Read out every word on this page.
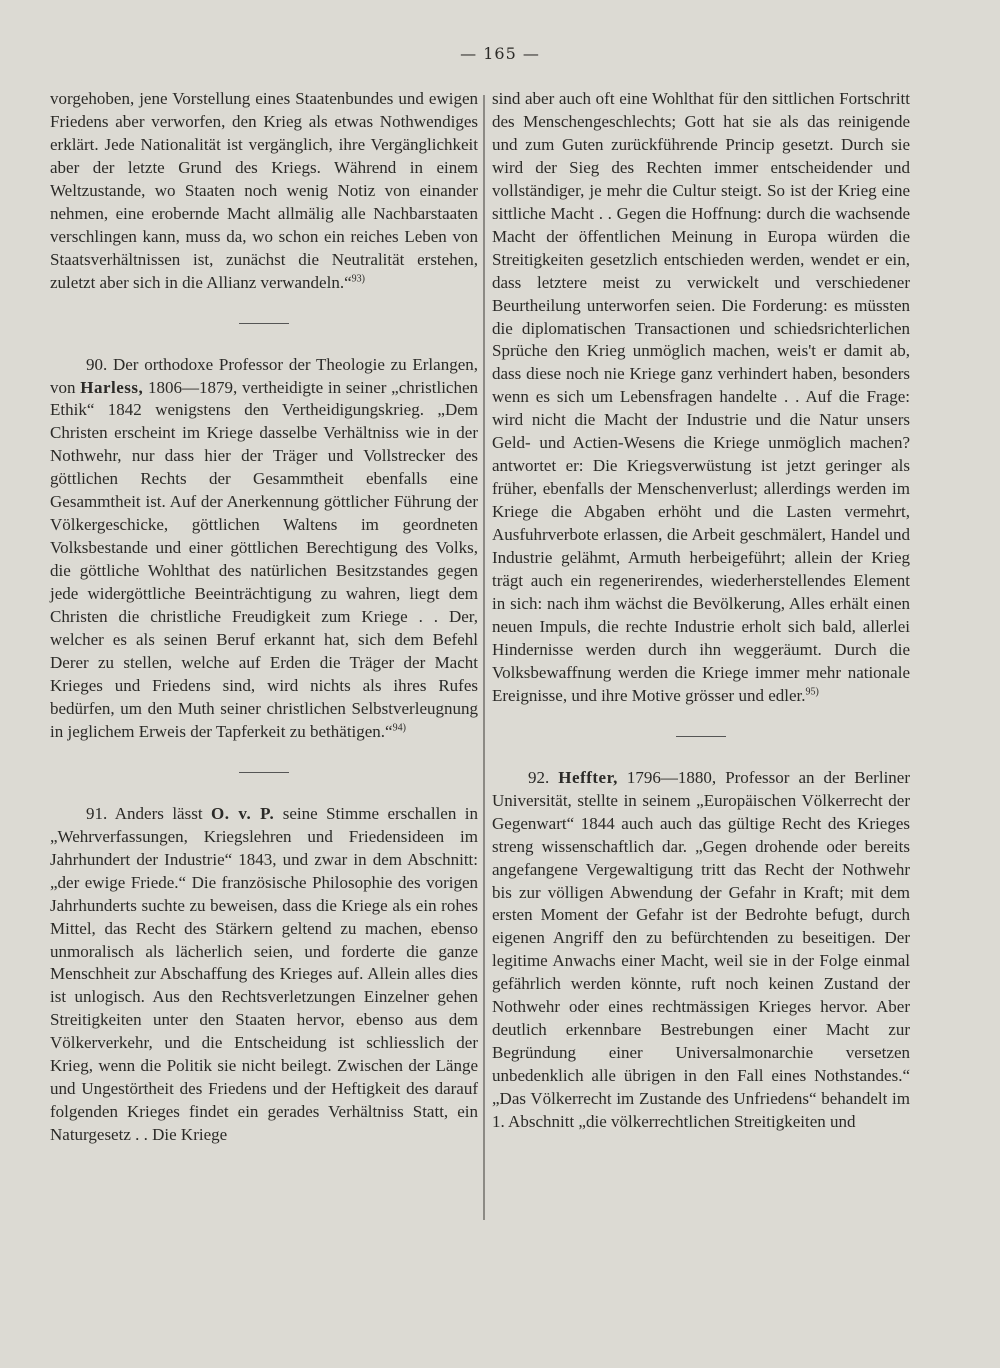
— 165 —

vorgehoben, jene Vorstellung eines Staatenbundes und ewigen Friedens aber verworfen, den Krieg als etwas Nothwendiges erklärt. Jede Nationalität ist vergänglich, ihre Vergänglichkeit aber der letzte Grund des Kriegs. Während in einem Weltzustande, wo Staaten noch wenig Notiz von einander nehmen, eine erobernde Macht allmälig alle Nachbarstaaten verschlingen kann, muss da, wo schon ein reiches Leben von Staatsverhältnissen ist, zunächst die Neutralität erstehen, zuletzt aber sich in die Allianz verwandeln.“$^{93)}$

90. Der orthodoxe Professor der Theologie zu Erlangen, von Harless, 1806—1879, vertheidigte in seiner „christlichen Ethik“ 1842 wenigstens den Vertheidigungskrieg. „Dem Christen erscheint im Kriege dasselbe Verhältniss wie in der Nothwehr, nur dass hier der Träger und Vollstrecker des göttlichen Rechts der Gesammtheit ebenfalls eine Gesammtheit ist. Auf der Anerkennung göttlicher Führung der Völkergeschicke, göttlichen Waltens im geordneten Volksbestande und einer göttlichen Berechtigung des Volks, die göttliche Wohlthat des natürlichen Besitzstandes gegen jede widergöttliche Beeinträchtigung zu wahren, liegt dem Christen die christliche Freudigkeit zum Kriege . . Der, welcher es als seinen Beruf erkannt hat, sich dem Befehl Derer zu stellen, welche auf Erden die Träger der Macht Krieges und Friedens sind, wird nichts als ihres Rufes bedürfen, um den Muth seiner christlichen Selbstverleugnung in jeglichem Erweis der Tapferkeit zu bethätigen.“$^{94)}$

91. Anders lässt O. v. P. seine Stimme erschallen in „Wehrverfassungen, Kriegslehren und Friedensideen im Jahrhundert der Industrie“ 1843, und zwar in dem Abschnitt: „der ewige Friede.“ Die französische Philosophie des vorigen Jahrhunderts suchte zu beweisen, dass die Kriege als ein rohes Mittel, das Recht des Stärkern geltend zu machen, ebenso unmoralisch als lächerlich seien, und forderte die ganze Menschheit zur Abschaffung des Krieges auf. Allein alles dies ist unlogisch. Aus den Rechtsverletzungen Einzelner gehen Streitigkeiten unter den Staaten hervor, ebenso aus dem Völkerverkehr, und die Entscheidung ist schliesslich der Krieg, wenn die Politik sie nicht beilegt. Zwischen der Länge und Ungestörtheit des Friedens und der Heftigkeit des darauf folgenden Krieges findet ein gerades Verhältniss Statt, ein Naturgesetz . . Die Kriege

sind aber auch oft eine Wohlthat für den sittlichen Fortschritt des Menschengeschlechts; Gott hat sie als das reinigende und zum Guten zurückführende Princip gesetzt. Durch sie wird der Sieg des Rechten immer entscheidender und vollständiger, je mehr die Cultur steigt. So ist der Krieg eine sittliche Macht . . Gegen die Hoffnung: durch die wachsende Macht der öffentlichen Meinung in Europa würden die Streitigkeiten gesetzlich entschieden werden, wendet er ein, dass letztere meist zu verwickelt und verschiedener Beurtheilung unterworfen seien. Die Forderung: es müssten die diplomatischen Transactionen und schiedsrichterlichen Sprüche den Krieg unmöglich machen, weis't er damit ab, dass diese noch nie Kriege ganz verhindert haben, besonders wenn es sich um Lebensfragen handelte . . Auf die Frage: wird nicht die Macht der Industrie und die Natur unsers Geld- und Actien-Wesens die Kriege unmöglich machen? antwortet er: Die Kriegsverwüstung ist jetzt geringer als früher, ebenfalls der Menschenverlust; allerdings werden im Kriege die Abgaben erhöht und die Lasten vermehrt, Ausfuhrverbote erlassen, die Arbeit geschmälert, Handel und Industrie gelähmt, Armuth herbeigeführt; allein der Krieg trägt auch ein regenerirendes, wiederherstellendes Element in sich: nach ihm wächst die Bevölkerung, Alles erhält einen neuen Impuls, die rechte Industrie erholt sich bald, allerlei Hindernisse werden durch ihn weggeräumt. Durch die Volksbewaffnung werden die Kriege immer mehr nationale Ereignisse, und ihre Motive grösser und edler.$^{95)}$

92. Heffter, 1796—1880, Professor an der Berliner Universität, stellte in seinem „Europäischen Völkerrecht der Gegenwart“ 1844 auch auch das gültige Recht des Krieges streng wissenschaftlich dar. „Gegen drohende oder bereits angefangene Vergewaltigung tritt das Recht der Nothwehr bis zur völligen Abwendung der Gefahr in Kraft; mit dem ersten Moment der Gefahr ist der Bedrohte befugt, durch eigenen Angriff den zu befürchtenden zu beseitigen. Der legitime Anwachs einer Macht, weil sie in der Folge einmal gefährlich werden könnte, ruft noch keinen Zustand der Nothwehr oder eines rechtmässigen Krieges hervor. Aber deutlich erkennbare Bestrebungen einer Macht zur Begründung einer Universalmonarchie versetzen unbedenklich alle übrigen in den Fall eines Nothstandes.“ „Das Völkerrecht im Zustande des Unfriedens“ behandelt im 1. Abschnitt „die völkerrechtlichen Streitigkeiten und
